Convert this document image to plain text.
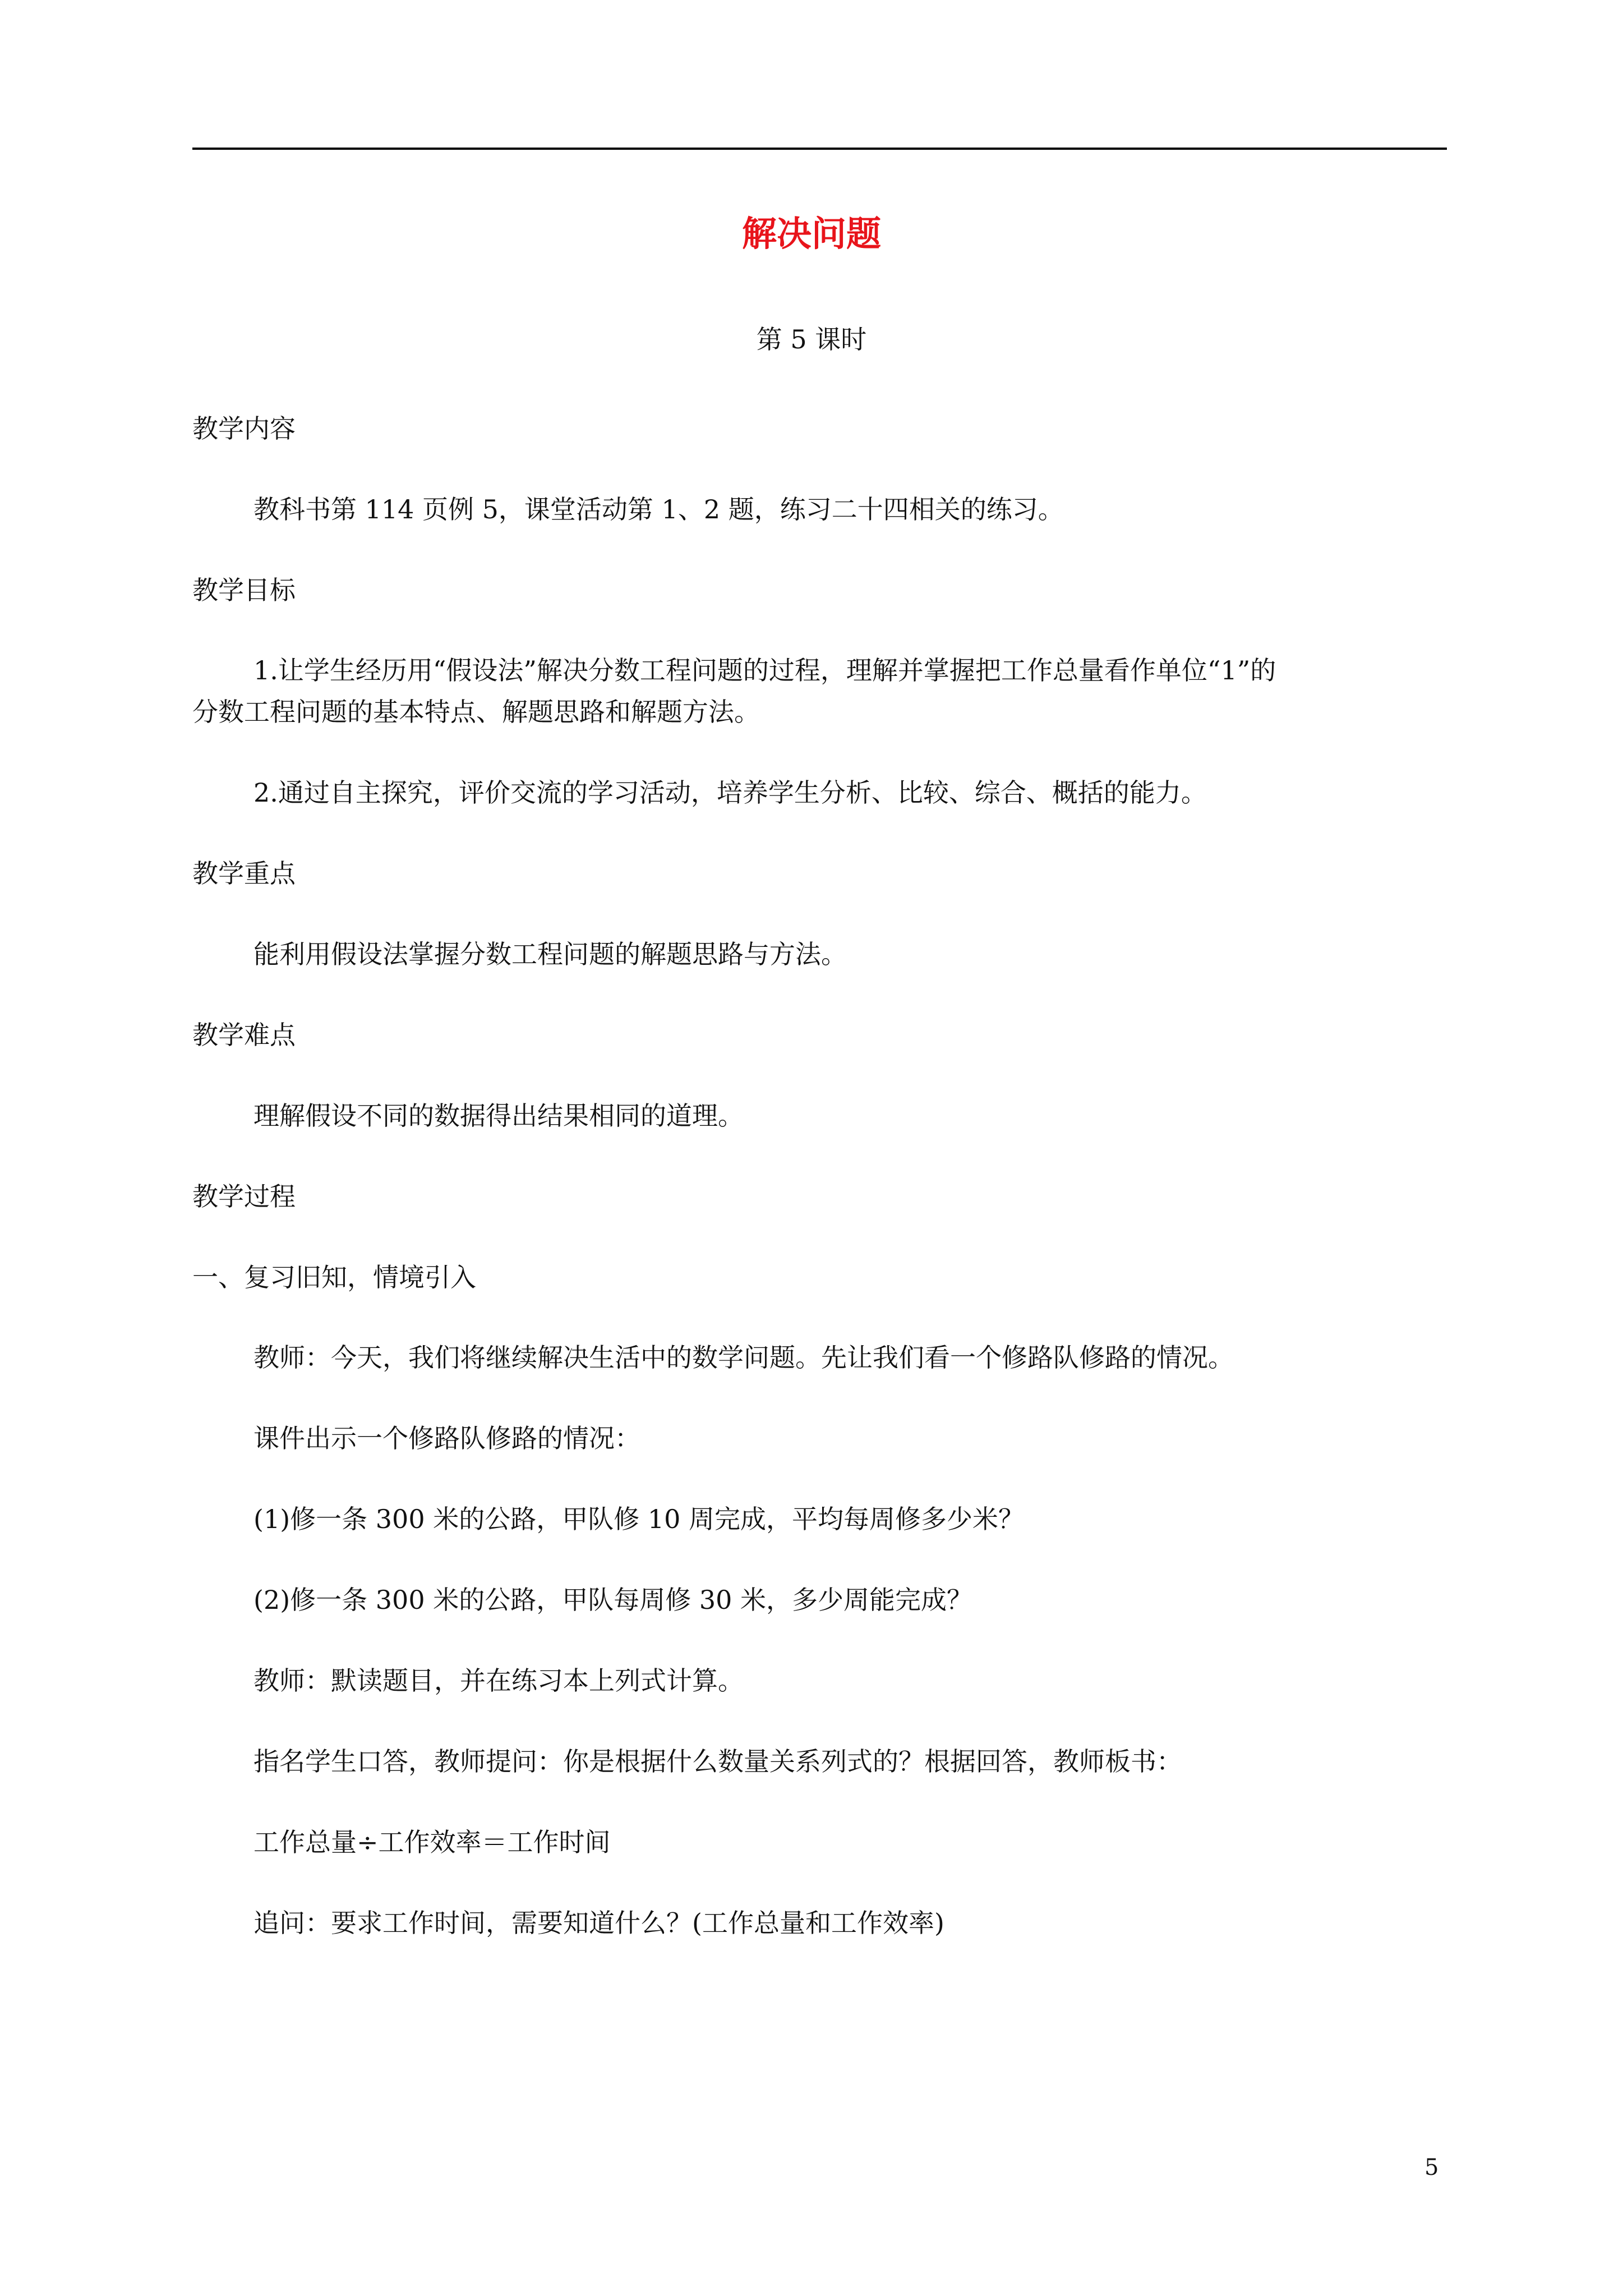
解决问题
第 5 课时
教学内容
教科书第 114 页例 5，课堂活动第 1、2 题，练习二十四相关的练习。
教学目标
1.让学生经历用“假设法”解决分数工程问题的过程，理解并掌握把工作总量看作单位“1”的
分数工程问题的基本特点、解题思路和解题方法。
2.通过自主探究，评价交流的学习活动，培养学生分析、比较、综合、概括的能力。
教学重点
能利用假设法掌握分数工程问题的解题思路与方法。
教学难点
理解假设不同的数据得出结果相同的道理。
教学过程
一、复习旧知，情境引入
教师：今天，我们将继续解决生活中的数学问题。先让我们看一个修路队修路的情况。
课件出示一个修路队修路的情况：
(1)修一条 300 米的公路，甲队修 10 周完成，平均每周修多少米？
(2)修一条 300 米的公路，甲队每周修 30 米，多少周能完成？
教师：默读题目，并在练习本上列式计算。
指名学生口答，教师提问：你是根据什么数量关系列式的？根据回答，教师板书：
工作总量÷工作效率＝工作时间
追问：要求工作时间，需要知道什么？(工作总量和工作效率)
5
